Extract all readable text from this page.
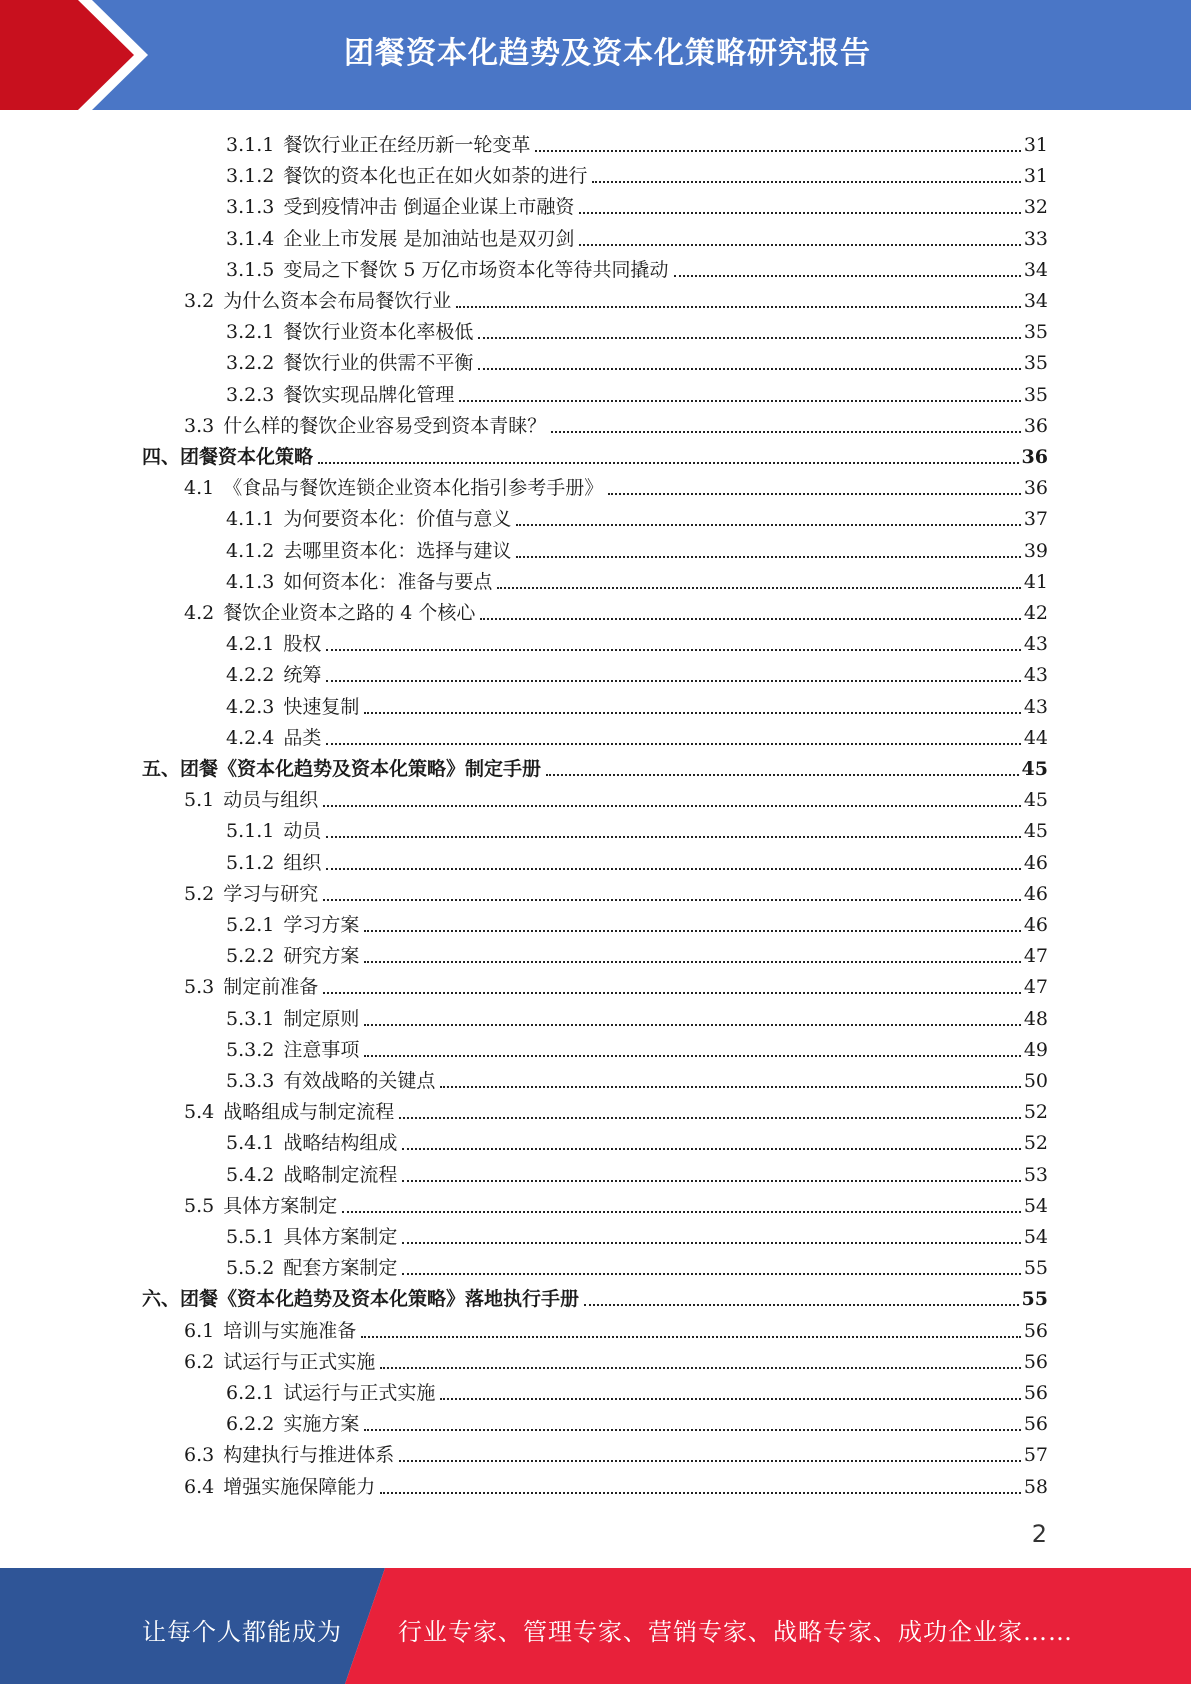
团餐资本化趋势及资本化策略研究报告
3.1.1 餐饮行业正在经历新一轮变革	31
3.1.2 餐饮的资本化也正在如火如荼的进行	31
3.1.3 受到疫情冲击 倒逼企业谋上市融资	32
3.1.4 企业上市发展 是加油站也是双刃剑	33
3.1.5 变局之下餐饮 5 万亿市场资本化等待共同撬动	34
3.2 为什么资本会布局餐饮行业	34
3.2.1 餐饮行业资本化率极低	35
3.2.2 餐饮行业的供需不平衡	35
3.2.3 餐饮实现品牌化管理	35
3.3 什么样的餐饮企业容易受到资本青睐？	36
四、团餐资本化策略	36
4.1 《食品与餐饮连锁企业资本化指引参考手册》	36
4.1.1 为何要资本化：价值与意义	37
4.1.2 去哪里资本化：选择与建议	39
4.1.3 如何资本化：准备与要点	41
4.2 餐饮企业资本之路的 4 个核心	42
4.2.1 股权	43
4.2.2 统筹	43
4.2.3 快速复制	43
4.2.4 品类	44
五、团餐《资本化趋势及资本化策略》制定手册	45
5.1 动员与组织	45
5.1.1 动员	45
5.1.2 组织	46
5.2 学习与研究	46
5.2.1 学习方案	46
5.2.2 研究方案	47
5.3 制定前准备	47
5.3.1 制定原则	48
5.3.2 注意事项	49
5.3.3 有效战略的关键点	50
5.4 战略组成与制定流程	52
5.4.1 战略结构组成	52
5.4.2 战略制定流程	53
5.5 具体方案制定	54
5.5.1 具体方案制定	54
5.5.2 配套方案制定	55
六、团餐《资本化趋势及资本化策略》落地执行手册	55
6.1 培训与实施准备	56
6.2 试运行与正式实施	56
6.2.1 试运行与正式实施	56
6.2.2 实施方案	56
6.3 构建执行与推进体系	57
6.4 增强实施保障能力	58
2
让每个人都能成为 行业专家、管理专家、营销专家、战略专家、成功企业家……
